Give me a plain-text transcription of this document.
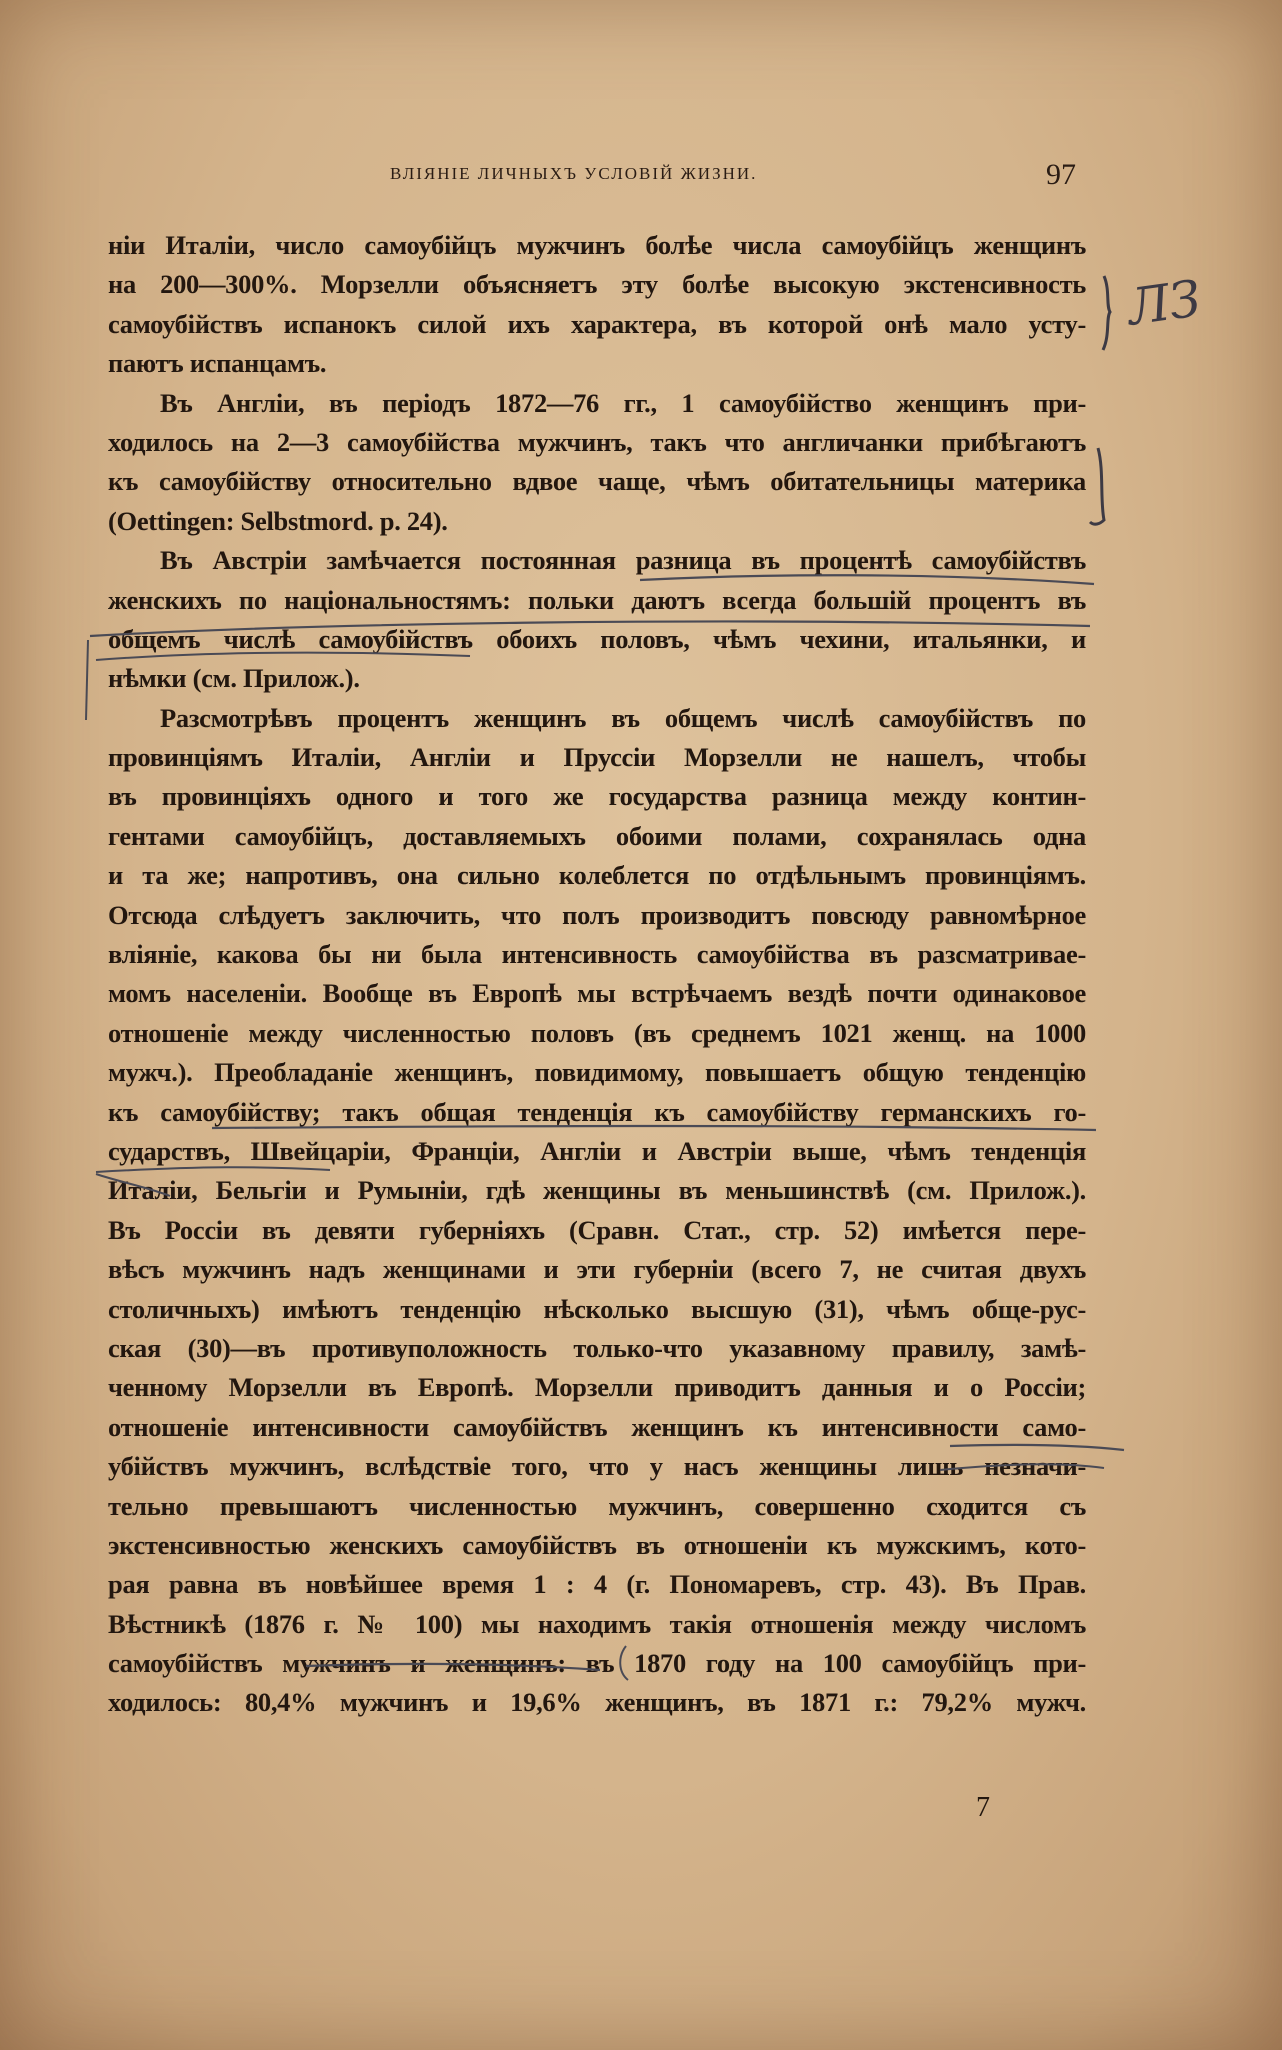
ВЛІЯНІЕ ЛИЧНЫХЪ УСЛОВІЙ ЖИЗНИ.	97
ніи Италіи, число самоубійцъ мужчинъ болѣе числа самоубійцъ женщинъ
на 200—300%. Морзелли объясняетъ эту болѣе высокую экстенсивность
самоубійствъ испанокъ силой ихъ характера, въ которой онѣ мало усту-
паютъ испанцамъ.
Въ Англіи, въ періодъ 1872—76 гг., 1 самоубійство женщинъ при-
ходилось на 2—3 самоубійства мужчинъ, такъ что англичанки прибѣгаютъ
къ самоубійству относительно вдвое чаще, чѣмъ обитательницы материка
(Oettingen: Selbstmord. p. 24).
Въ Австріи замѣчается постоянная разница въ процентѣ самоубійствъ
женскихъ по національностямъ: польки даютъ всегда большій процентъ въ
общемъ числѣ самоубійствъ обоихъ половъ, чѣмъ чехини, итальянки, и
нѣмки (см. Прилож.).
Разсмотрѣвъ процентъ женщинъ въ общемъ числѣ самоубійствъ по
провинціямъ Италіи, Англіи и Пруссіи Морзелли не нашелъ, чтобы
въ провинціяхъ одного и того же государства разница между контин-
гентами самоубійцъ, доставляемыхъ обоими полами, сохранялась одна
и та же; напротивъ, она сильно колеблется по отдѣльнымъ провинціямъ.
Отсюда слѣдуетъ заключить, что полъ производитъ повсюду равномѣрное
вліяніе, какова бы ни была интенсивность самоубійства въ разсматривае-
момъ населеніи. Вообще въ Европѣ мы встрѣчаемъ вездѣ почти одинаковое
отношеніе между численностью половъ (въ среднемъ 1021 женщ. на 1000
мужч.). Преобладаніе женщинъ, повидимому, повышаетъ общую тенденцію
къ самоубійству; такъ общая тенденція къ самоубійству германскихъ го-
сударствъ, Швейцаріи, Франціи, Англіи и Австріи выше, чѣмъ тенденція
Италіи, Бельгіи и Румыніи, гдѣ женщины въ меньшинствѣ (см. Прилож.).
Въ Россіи въ девяти губерніяхъ (Сравн. Стат., стр. 52) имѣется пере-
вѣсъ мужчинъ надъ женщинами и эти губерніи (всего 7, не считая двухъ
столичныхъ) имѣютъ тенденцію нѣсколько высшую (31), чѣмъ обще-рус-
ская (30)—въ противуположность только-что указавному правилу, замѣ-
ченному Морзелли въ Европѣ. Морзелли приводитъ данныя и о Россіи;
отношеніе интенсивности самоубійствъ женщинъ къ интенсивности само-
убійствъ мужчинъ, вслѣдствіе того, что у насъ женщины лишь незначи-
тельно превышаютъ численностью мужчинъ, совершенно сходится съ
экстенсивностью женскихъ самоубійствъ въ отношеніи къ мужскимъ, кото-
рая равна въ новѣйшее время 1 : 4 (г. Пономаревъ, стр. 43). Въ Прав.
Вѣстникѣ (1876 г. № 100) мы находимъ такія отношенія между числомъ
самоубійствъ мужчинъ и женщинъ: въ 1870 году на 100 самоубійцъ при-
ходилось: 80,4% мужчинъ и 19,6% женщинъ, въ 1871 г.: 79,2% мужч.
7
ЛЗ
